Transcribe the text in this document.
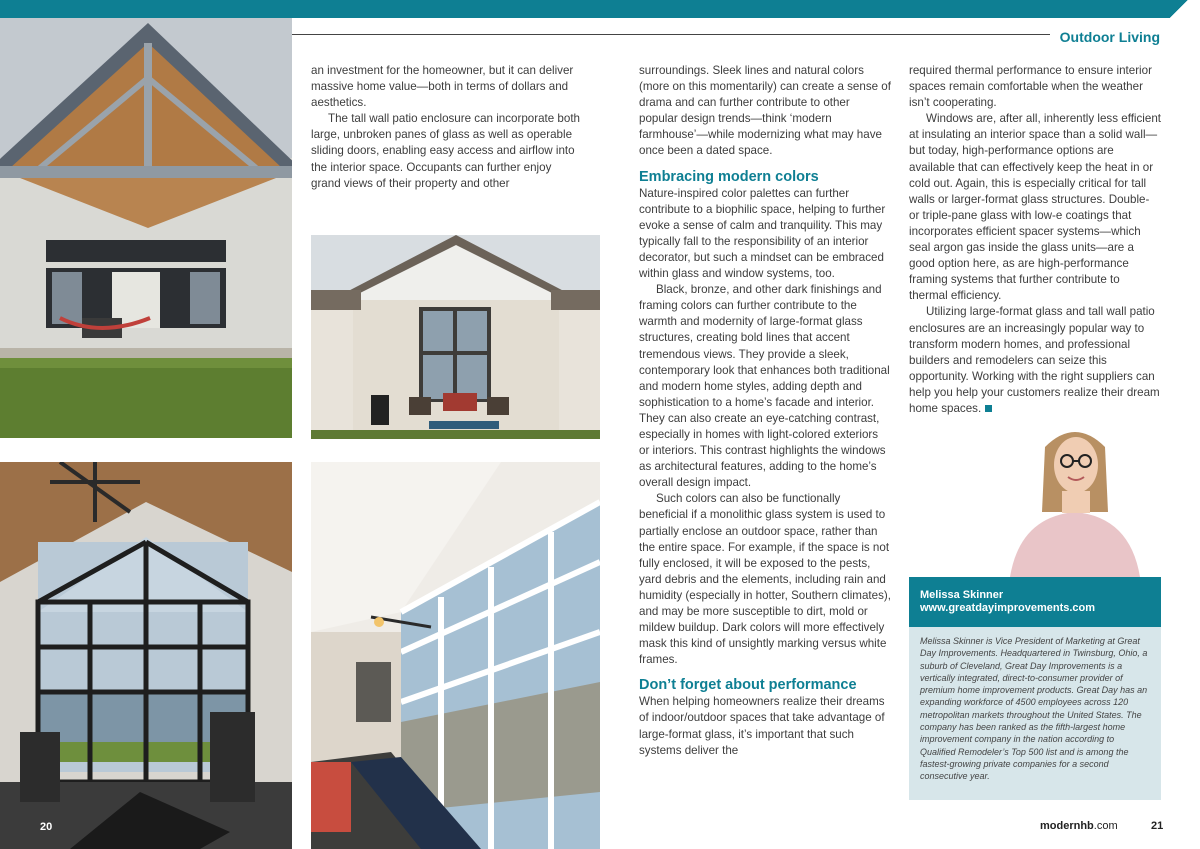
Outdoor Living

an investment for the homeowner, but it can deliver massive home value—both in terms of dollars and aesthetics.

The tall wall patio enclosure can incorporate both large, unbroken panes of glass as well as operable sliding doors, enabling easy access and airflow into the interior space. Occupants can further enjoy grand views of their property and other

surroundings. Sleek lines and natural colors (more on this momentarily) can create a sense of drama and can further contribute to other popular design trends—think ‘modern farmhouse’—while modernizing what may have once been a dated space.

Embracing modern colors

Nature-inspired color palettes can further contribute to a biophilic space, helping to further evoke a sense of calm and tranquility. This may typically fall to the responsibility of an interior decorator, but such a mindset can be embraced within glass and window systems, too.

Black, bronze, and other dark finishings and framing colors can further contribute to the warmth and modernity of large-format glass structures, creating bold lines that accent tremendous views. They provide a sleek, contemporary look that enhances both traditional and modern home styles, adding depth and sophistication to a home’s facade and interior. They can also create an eye-catching contrast, especially in homes with light-colored exteriors or interiors. This contrast highlights the windows as architectural features, adding to the home’s overall design impact.

Such colors can also be functionally beneficial if a monolithic glass system is used to partially enclose an outdoor space, rather than the entire space. For example, if the space is not fully enclosed, it will be exposed to the pests, yard debris and the elements, including rain and humidity (especially in hotter, Southern climates), and may be more susceptible to dirt, mold or mildew buildup. Dark colors will more effectively mask this kind of unsightly marking versus white frames.

Don’t forget about performance

When helping homeowners realize their dreams of indoor/outdoor spaces that take advantage of large-format glass, it’s important that such systems deliver the

required thermal performance to ensure interior spaces remain comfortable when the weather isn’t cooperating.

Windows are, after all, inherently less efficient at insulating an interior space than a solid wall—but today, high-performance options are available that can effectively keep the heat in or cold out. Again, this is especially critical for tall walls or larger-format glass structures. Double- or triple-pane glass with low-e coatings that incorporates efficient spacer systems—which seal argon gas inside the glass units—are a good option here, as are high-performance framing systems that further contribute to thermal efficiency.

Utilizing large-format glass and tall wall patio enclosures are an increasingly popular way to transform modern homes, and professional builders and remodelers can seize this opportunity. Working with the right suppliers can help you help your customers realize their dream home spaces.

Melissa Skinner
www.greatdayimprovements.com
Melissa Skinner is Vice President of Marketing at Great Day Improvements. Headquartered in Twinsburg, Ohio, a suburb of Cleveland, Great Day Improvements is a vertically integrated, direct-to-consumer provider of premium home improvement products. Great Day has an expanding workforce of 4500 employees across 120 metropolitan markets throughout the United States. The company has been ranked as the fifth-largest home improvement company in the nation according to Qualified Remodeler’s Top 500 list and is among the fastest-growing private companies for a second consecutive year.
20	modernhb.com	21
